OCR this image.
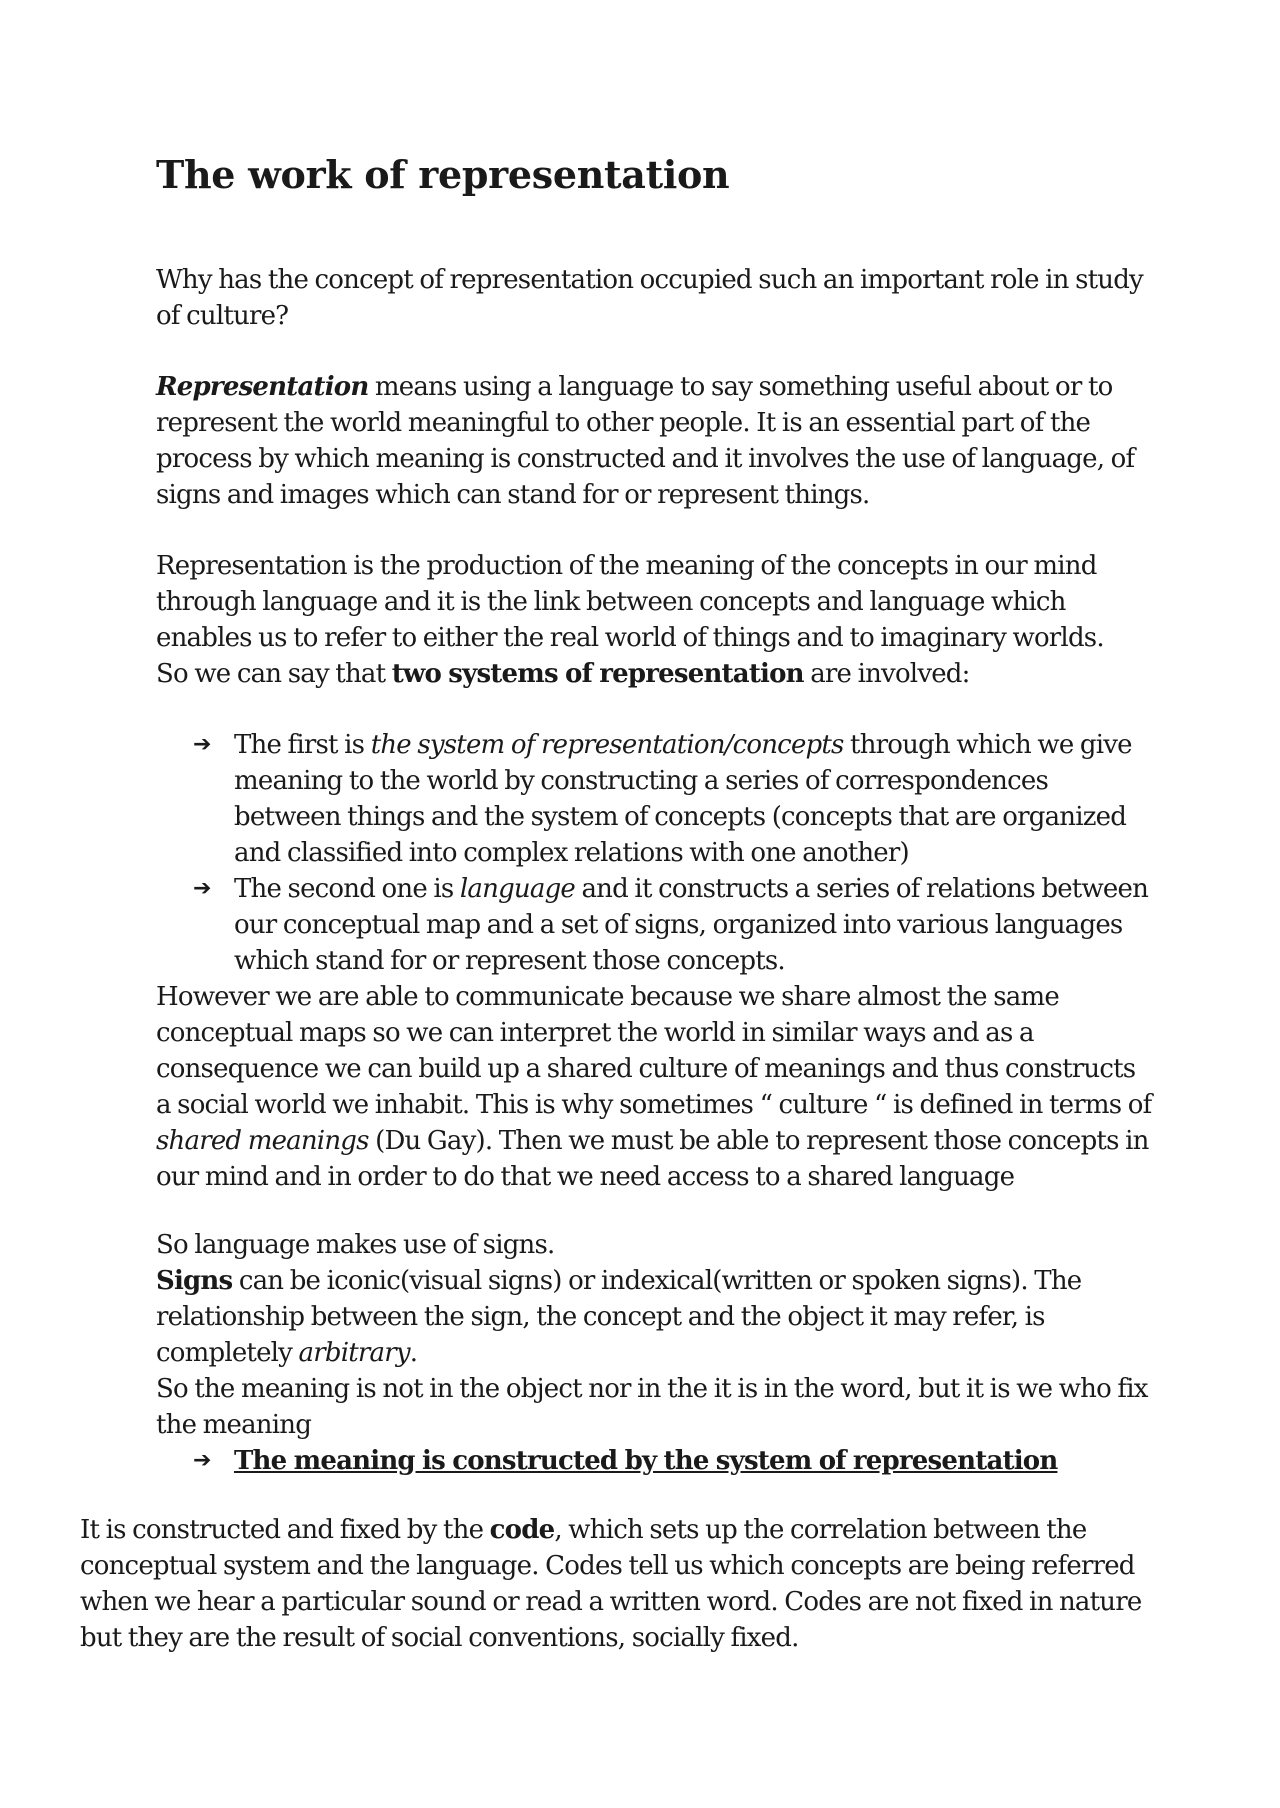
The work of representation

Why has the concept of representation occupied such an important role in study of culture?

Representation means using a language to say something useful about or to represent the world meaningful to other people. It is an essential part of the process by which meaning is constructed and it involves the use of language, of signs and images which can stand for or represent things.

Representation is the production of the meaning of the concepts in our mind through language and it is the link between concepts and language which enables us to refer to either the real world of things and to imaginary worlds.

So we can say that two systems of representation are involved:

➔ The first is the system of representation/concepts through which we give meaning to the world by constructing a series of correspondences between things and the system of concepts (concepts that are organized and classified into complex relations with one another)
➔ The second one is language and it constructs a series of relations between our conceptual map and a set of signs, organized into various languages which stand for or represent those concepts.

However we are able to communicate because we share almost the same conceptual maps so we can interpret the world in similar ways and as a consequence we can build up a shared culture of meanings and thus constructs a social world we inhabit. This is why sometimes “ culture “ is defined in terms of shared meanings (Du Gay). Then we must be able to represent those concepts in our mind and in order to do that we need access to a shared language

So language makes use of signs.

Signs can be iconic(visual signs) or indexical(written or spoken signs). The relationship between the sign, the concept and the object it may refer, is completely arbitrary.

So the meaning is not in the object nor in the it is in the word, but it is we who fix the meaning

➔ The meaning is constructed by the system of representation

It is constructed and fixed by the code, which sets up the correlation between the conceptual system and the language. Codes tell us which concepts are being referred when we hear a particular sound or read a written word. Codes are not fixed in nature but they are the result of social conventions, socially fixed.
